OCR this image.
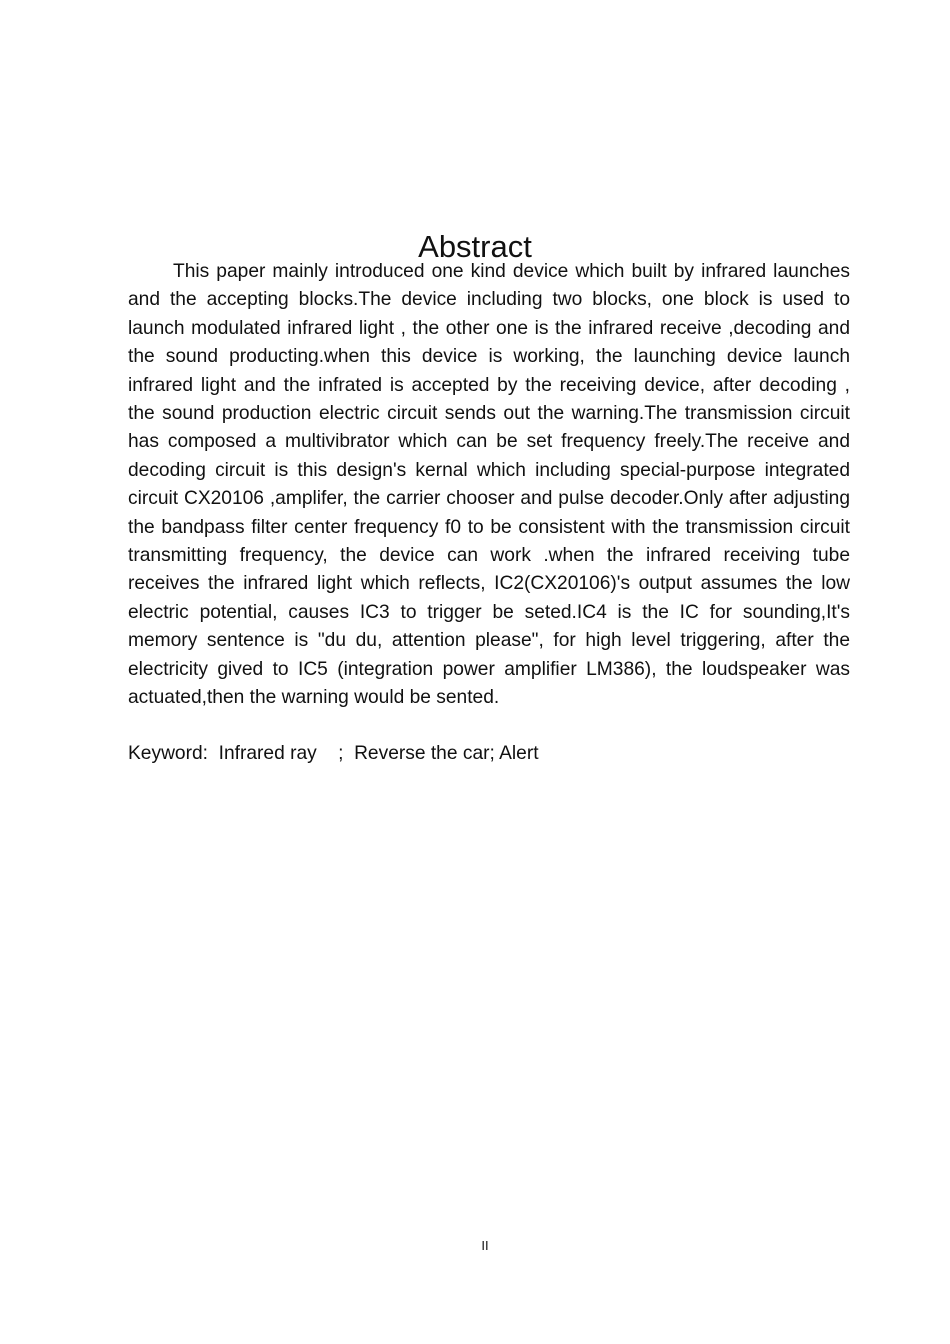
Abstract

This paper mainly introduced one kind device which built by infrared launches and the accepting blocks.The device including two blocks, one block is used to launch modulated infrared light , the other one is the infrared receive ,decoding and the sound producting.when this device is working, the launching device launch infrared light and the infrated is accepted by the receiving device, after decoding , the sound production electric circuit sends out the warning.The transmission circuit has composed a multivibrator which can be set frequency freely.The receive and decoding circuit is this design's kernal which including special-purpose integrated circuit CX20106 ,amplifer, the carrier chooser and pulse decoder.Only after adjusting the bandpass filter center frequency f0 to be consistent with the transmission circuit transmitting frequency, the device can work .when the infrared receiving tube receives the infrared light which reflects, IC2(CX20106)'s output assumes the low electric potential, causes IC3 to trigger be seted.IC4 is the IC for sounding,It's memory sentence is "du du, attention please", for high level triggering, after the electricity gived to IC5 (integration power amplifier LM386), the loudspeaker was actuated,then the warning would be sented.

Keyword:  Infrared ray    ;  Reverse the car; Alert
II
